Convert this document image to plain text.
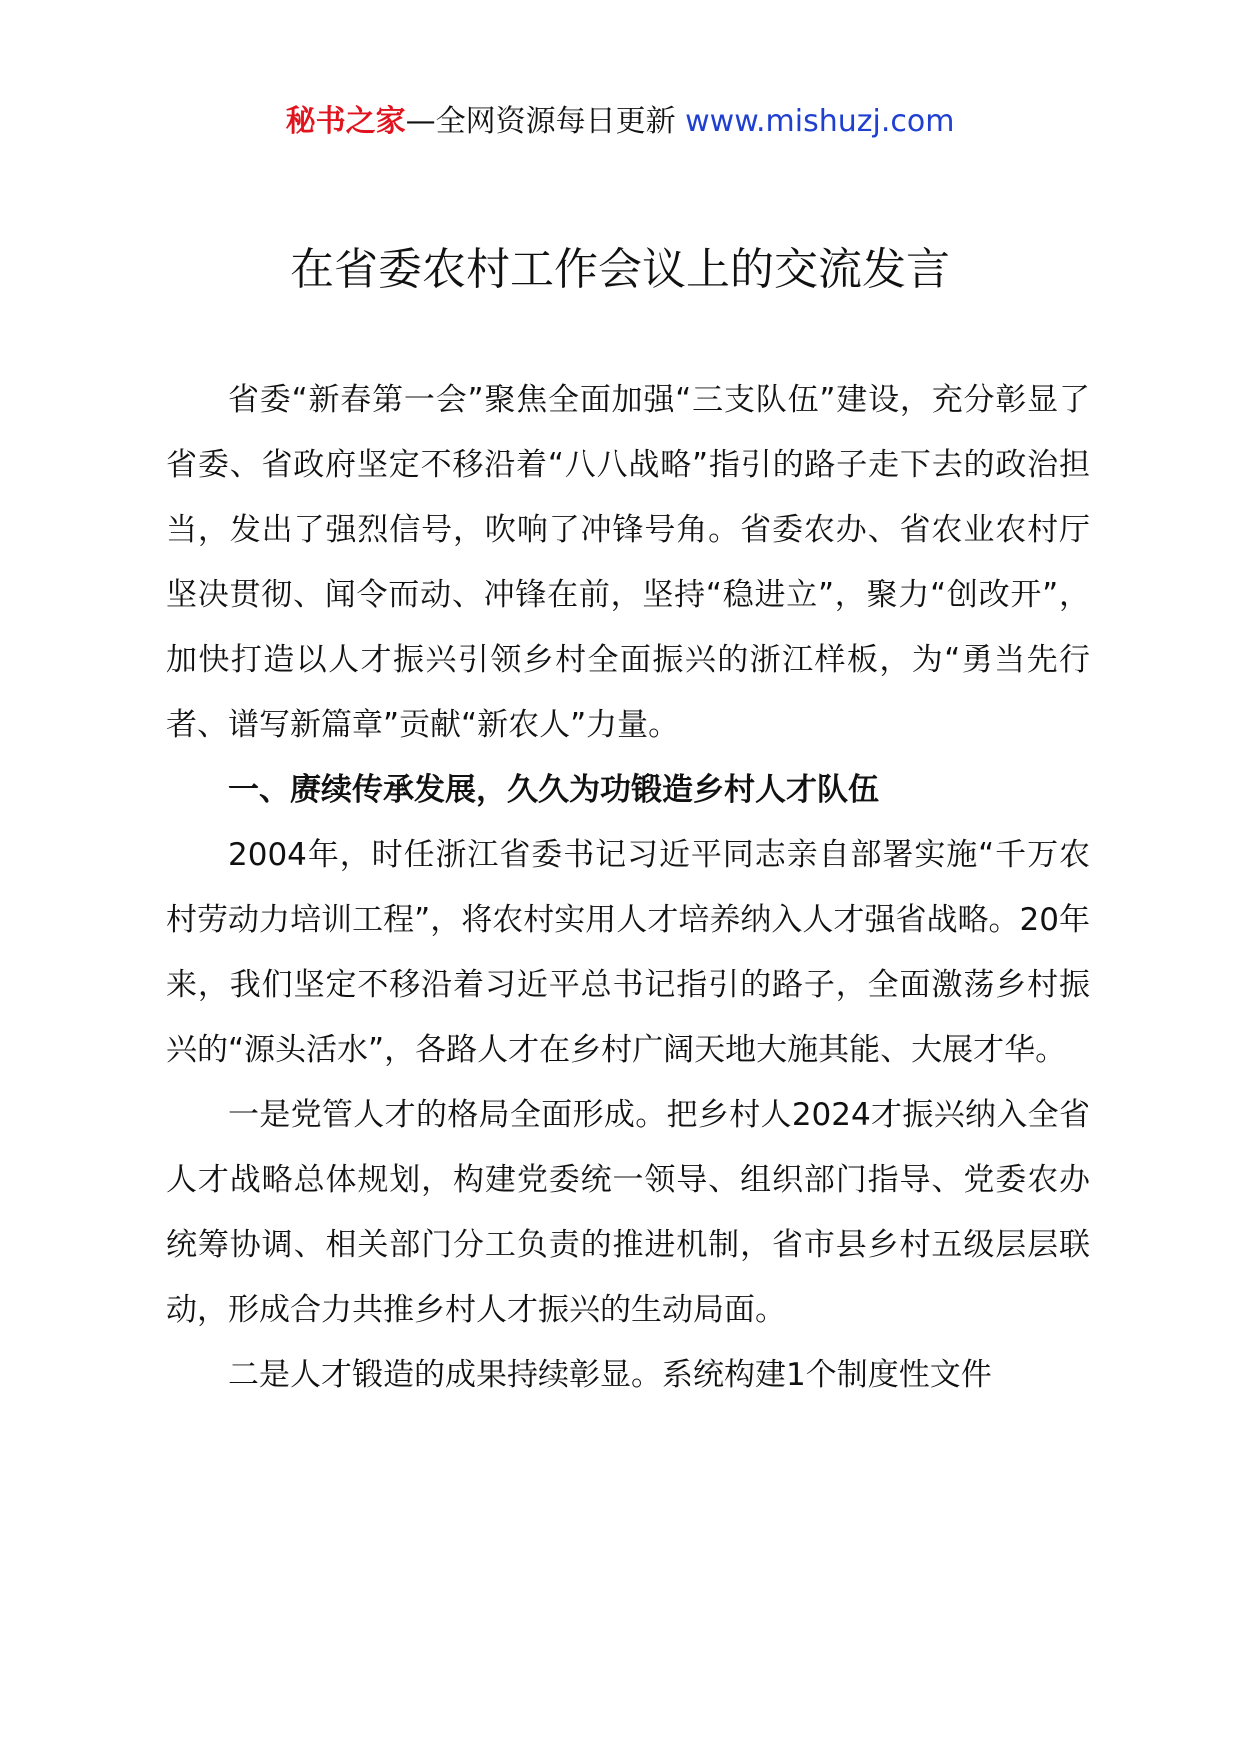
秘书之家—全网资源每日更新 www.mishuzj.com
在省委农村工作会议上的交流发言

省委“新春第一会”聚焦全面加强“三支队伍”建设，充分彰显了省委、省政府坚定不移沿着“八八战略”指引的路子走下去的政治担当，发出了强烈信号，吹响了冲锋号角。省委农办、省农业农村厅坚决贯彻、闻令而动、冲锋在前，坚持“稳进立”，聚力“创改开”，加快打造以人才振兴引领乡村全面振兴的浙江样板，为“勇当先行者、谱写新篇章”贡献“新农人”力量。

一、赓续传承发展，久久为功锻造乡村人才队伍

2004年，时任浙江省委书记习近平同志亲自部署实施“千万农村劳动力培训工程”，将农村实用人才培养纳入人才强省战略。20年来，我们坚定不移沿着习近平总书记指引的路子，全面激荡乡村振兴的“源头活水”，各路人才在乡村广阔天地大施其能、大展才华。

一是党管人才的格局全面形成。把乡村人2024才振兴纳入全省人才战略总体规划，构建党委统一领导、组织部门指导、党委农办统筹协调、相关部门分工负责的推进机制，省市县乡村五级层层联动，形成合力共推乡村人才振兴的生动局面。

二是人才锻造的成果持续彰显。系统构建1个制度性文件
